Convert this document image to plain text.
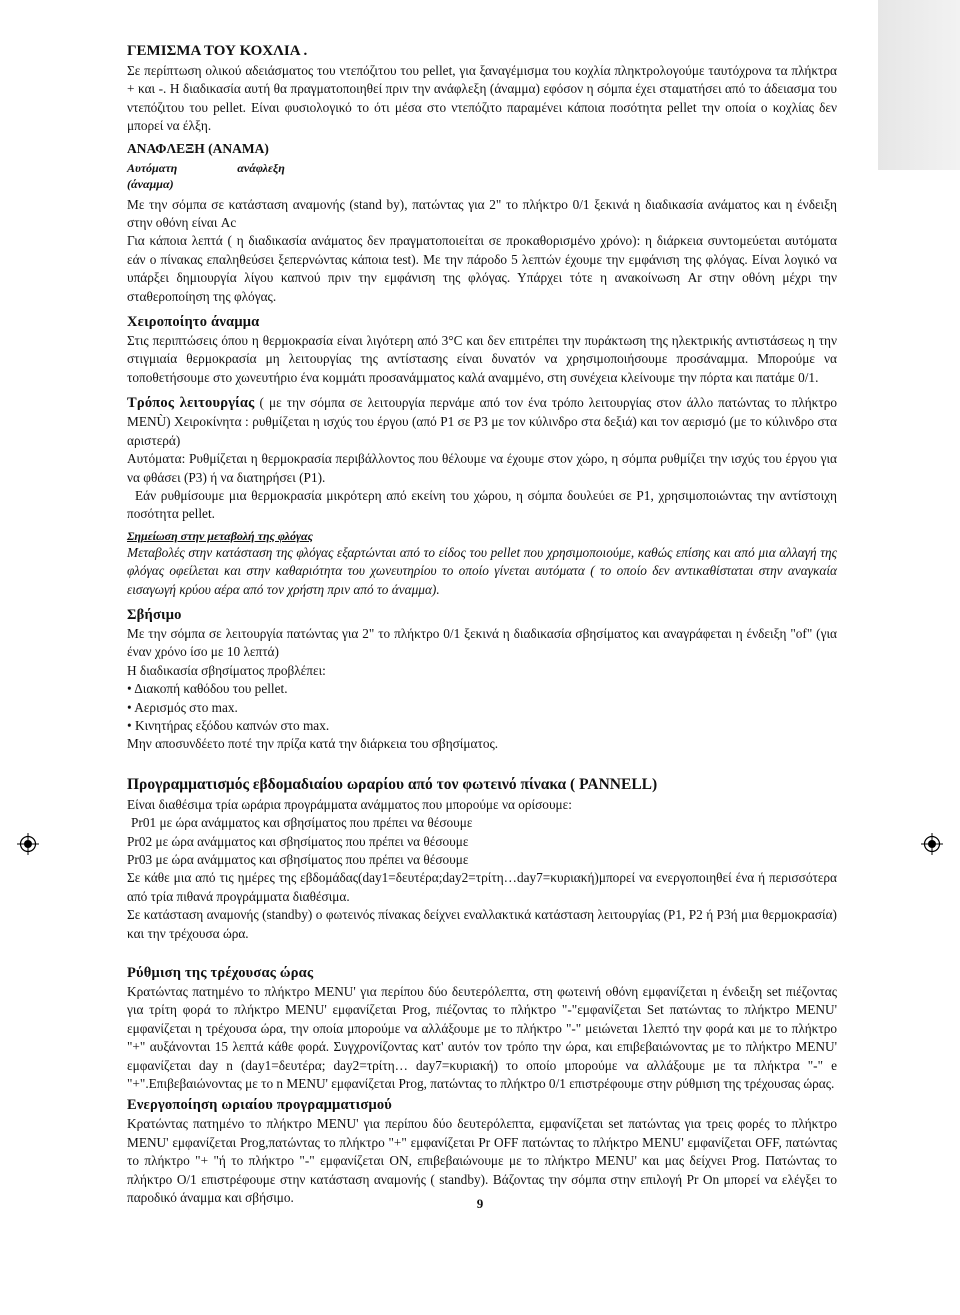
ΓΕΜΙΣΜΑ ΤΟΥ ΚΟΧΛΙΑ .

Σε περίπτωση ολικού αδειάσματος του ντεπόζιτου του pellet, για ξαναγέμισμα του κοχλία πληκτρολογούμε ταυτόχρονα τα πλήκτρα + και -. Η διαδικασία αυτή θα πραγματοποιηθεί πριν την ανάφλεξη (άναμμα) εφόσον η σόμπα έχει σταματήσει από το άδειασμα του ντεπόζιτου του pellet. Είναι φυσιολογικό το ότι μέσα στο ντεπόζιτο παραμένει κάποια ποσότητα pellet την οποία ο κοχλίας δεν μπορεί να έλξη.

ΑΝΑΦΛΕΞΗ (ΑΝΑΜΑ)
Αυτόματη	ανάφλεξη
(άναμμα)

Με την σόμπα σε κατάσταση αναμονής (stand by), πατώντας για 2" το πλήκτρο 0/1 ξεκινά η διαδικασία ανάματος και η ένδειξη στην οθόνη είναι Ac

Για κάποια λεπτά ( η διαδικασία ανάματος δεν πραγματοποιείται σε προκαθορισμένο χρόνο): η διάρκεια συντομεύεται αυτόματα εάν ο πίνακας επαληθεύσει ξεπερνώντας κάποια test). Με την πάροδο 5 λεπτών έχουμε την εμφάνιση της φλόγας. Είναι λογικό να υπάρξει δημιουργία λίγου καπνού πριν την εμφάνιση της φλόγας. Υπάρχει τότε η ανακοίνωση Ar στην οθόνη μέχρι την σταθεροποίηση της φλόγας.

Χειροποίητο άναμμα

Στις περιπτώσεις όπου η θερμοκρασία είναι λιγότερη από 3°C και δεν επιτρέπει την πυράκτωση της ηλεκτρικής αντιστάσεως η την στιγμιαία θερμοκρασία μη λειτουργίας της αντίστασης είναι δυνατόν να χρησιμοποιήσουμε προσάναμμα. Μπορούμε να τοποθετήσουμε στο χωνευτήριο ένα κομμάτι προσανάμματος καλά αναμμένο, στη συνέχεια κλείνουμε την πόρτα και πατάμε 0/1.

Τρόπος λειτουργίας ( με την σόμπα σε λειτουργία περνάμε από τον ένα τρόπο λειτουργίας στον άλλο πατώντας το πλήκτρο MENÙ) Χειροκίνητα : ρυθμίζεται η ισχύς του έργου (από P1 σε P3 με τον κύλινδρο στα δεξιά) και τον αερισμό (με το κύλινδρο στα αριστερά)

Αυτόματα: Ρυθμίζεται η θερμοκρασία περιβάλλοντος που θέλουμε να έχουμε στον χώρο, η σόμπα ρυθμίζει την ισχύς του έργου για να φθάσει (P3) ή να διατηρήσει (P1).

Εάν ρυθμίσουμε μια θερμοκρασία μικρότερη από εκείνη του χώρου, η σόμπα δουλεύει σε P1, χρησιμοποιώντας την αντίστοιχη ποσότητα pellet.

Σημείωση στην μεταβολή της φλόγας

Μεταβολές στην κατάσταση της φλόγας εξαρτώνται από το είδος του pellet που χρησιμοποιούμε, καθώς επίσης και από μια αλλαγή της φλόγας οφείλεται και στην καθαριότητα του χωνευτηρίου το οποίο γίνεται αυτόματα ( το οποίο δεν αντικαθίσταται στην αναγκαία εισαγωγή κρύου αέρα από τον χρήστη πριν από το άναμμα).

Σβήσιμο

Με την σόμπα σε λειτουργία πατώντας για 2" το πλήκτρο 0/1 ξεκινά η διαδικασία σβησίματος και αναγράφεται η ένδειξη "of" (για έναν χρόνο ίσο με 10 λεπτά)

Η διαδικασία σβησίματος προβλέπει:

• Διακοπή καθόδου του pellet.

• Αερισμός στο max.

• Κινητήρας εξόδου καπνών στο max.

Μην αποσυνδέετο ποτέ την πρίζα κατά την διάρκεια του σβησίματος.

Προγραμματισμός εβδομαδιαίου ωραρίου από τον φωτεινό πίνακα ( PANNELL)

Είναι διαθέσιμα τρία ωράρια προγράμματα ανάμματος που μπορούμε να ορίσουμε:

Pr01 με ώρα ανάμματος και σβησίματος που πρέπει να θέσουμε

Pr02 με ώρα ανάμματος και σβησίματος που πρέπει να θέσουμε

Pr03 με ώρα ανάμματος και σβησίματος που πρέπει να θέσουμε

Σε κάθε μια από τις ημέρες της εβδομάδας(day1=δευτέρα;day2=τρίτη…day7=κυριακή)μπορεί να ενεργοποιηθεί ένα ή περισσότερα από τρία πιθανά προγράμματα διαθέσιμα.

Σε κατάσταση αναμονής (standby) ο φωτεινός πίνακας δείχνει εναλλακτικά κατάσταση λειτουργίας (P1, P2 ή P3ή μια θερμοκρασία) και την τρέχουσα ώρα.

Ρύθμιση της τρέχουσας ώρας

Κρατώντας πατημένο το πλήκτρο MENU' για περίπου δύο δευτερόλεπτα, στη φωτεινή οθόνη εμφανίζεται η ένδειξη set πιέζοντας για τρίτη φορά το πλήκτρο MENU' εμφανίζεται Prog, πιέζοντας το πλήκτρο "-"εμφανίζεται Set πατώντας το πλήκτρο MENU' εμφανίζεται η τρέχουσα ώρα, την οποία μπορούμε να αλλάξουμε με το πλήκτρο "-" μειώνεται 1λεπτό την φορά και με το πλήκτρο "+" αυξάνονται 15 λεπτά κάθε φορά. Συγχρονίζοντας κατ' αυτόν τον τρόπο την ώρα, και επιβεβαιώνοντας με το πλήκτρο MENU' εμφανίζεται day n (day1=δευτέρα; day2=τρίτη… day7=κυριακή) το οποίο μπορούμε να αλλάξουμε με τα πλήκτρα "-" e "+".Επιβεβαιώνοντας με το n MENU' εμφανίζεται Prog, πατώντας το πλήκτρο 0/1 επιστρέφουμε στην ρύθμιση της τρέχουσας ώρας.

Ενεργοποίηση ωριαίου προγραμματισμού

Κρατώντας πατημένο το πλήκτρο MENU' για περίπου δύο δευτερόλεπτα, εμφανίζεται set πατώντας για τρεις φορές το πλήκτρο MENU' εμφανίζεται Prog,πατώντας το πλήκτρο "+" εμφανίζεται Pr OFF πατώντας το πλήκτρο MENU' εμφανίζεται OFF, πατώντας το πλήκτρο "+ "ή το πλήκτρο "-" εμφανίζεται ON, επιβεβαιώνουμε με το πλήκτρο MENU' και μας δείχνει Prog. Πατώντας το πλήκτρο O/1 επιστρέφουμε στην κατάσταση αναμονής ( standby). Βάζοντας την σόμπα στην επιλογή Pr On μπορεί να ελέγξει το παροδικό άναμμα και σβήσιμο.	9
